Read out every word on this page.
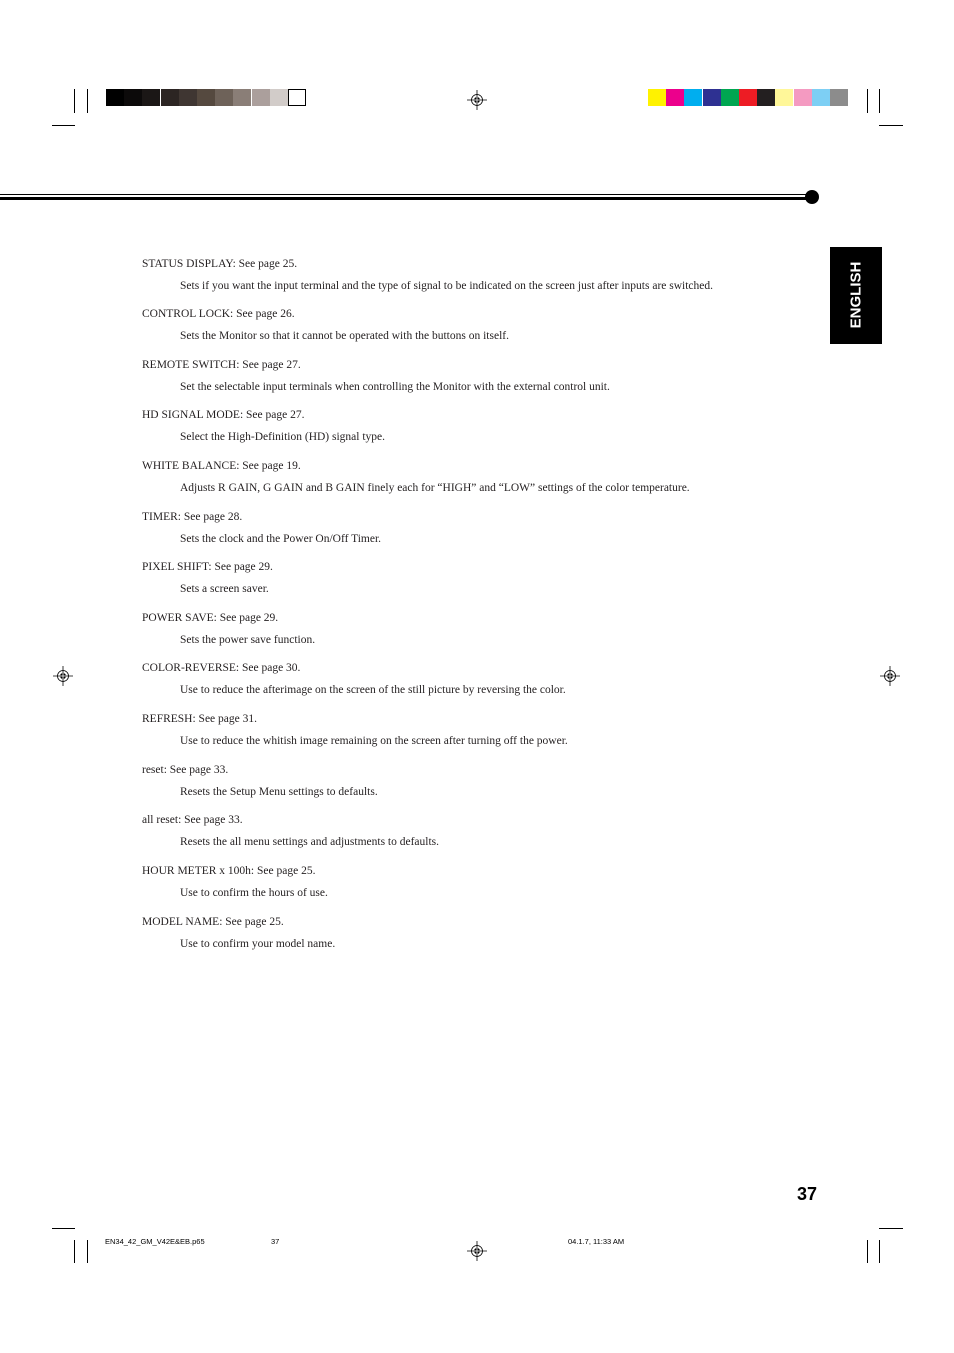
ENGLISH
STATUS DISPLAY: See page 25.
Sets if you want the input terminal and the type of signal to be indicated on the screen just after inputs are switched.
CONTROL LOCK: See page 26.
Sets the Monitor so that it cannot be operated with the buttons on itself.
REMOTE SWITCH: See page 27.
Set the selectable input terminals when controlling the Monitor with the external control unit.
HD SIGNAL MODE: See page 27.
Select the High-Definition (HD) signal type.
WHITE BALANCE: See page 19.
Adjusts R GAIN, G GAIN and B GAIN finely each for “HIGH” and “LOW” settings of the color temperature.
TIMER: See page 28.
Sets the clock and the Power On/Off Timer.
PIXEL SHIFT: See page 29.
Sets a screen saver.
POWER SAVE: See page 29.
Sets the power save function.
COLOR-REVERSE: See page 30.
Use to reduce the afterimage on the screen of the still picture by reversing the color.
REFRESH: See page 31.
Use to reduce the whitish image remaining on the screen after turning off the power.
reset: See page 33.
Resets the Setup Menu settings to defaults.
all reset: See page 33.
Resets the all menu settings and adjustments to defaults.
HOUR METER x 100h: See page 25.
Use to confirm the hours of use.
MODEL NAME: See page 25.
Use to confirm your model name.
37
EN34_42_GM_V42E&EB.p65	37	04.1.7, 11:33 AM
